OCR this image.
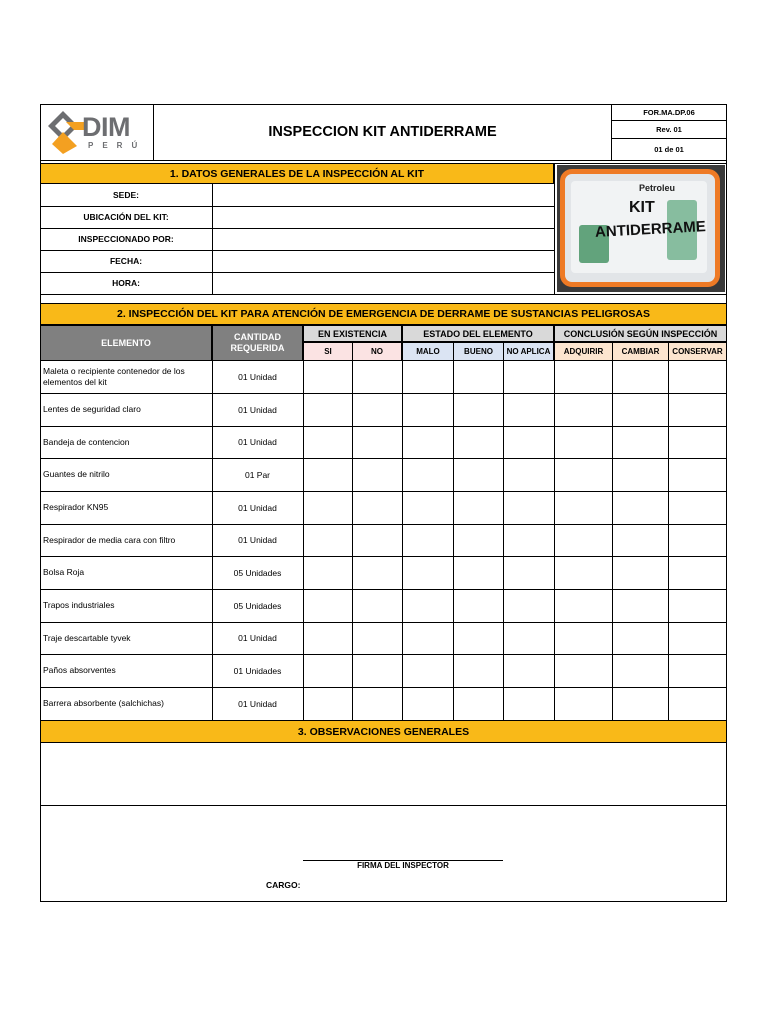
DIM
PERÚ
INSPECCION KIT ANTIDERRAME
FOR.MA.DP.06
Rev. 01
01 de 01
1. DATOS GENERALES DE LA INSPECCIÓN AL KIT
SEDE:
UBICACIÓN DEL KIT:
INSPECCIONADO POR:
FECHA:
HORA:
Petroleu
KIT
ANTIDERRAME
2. INSPECCIÓN DEL KIT PARA ATENCIÓN DE EMERGENCIA DE DERRAME DE SUSTANCIAS PELIGROSAS
ELEMENTO
CANTIDAD REQUERIDA
EN EXISTENCIA	ESTADO DEL ELEMENTO	CONCLUSIÓN SEGÚN INSPECCIÓN
SI	NO	MALO	BUENO	NO APLICA	ADQUIRIR	CAMBIAR	CONSERVAR
Maleta o recipiente contenedor de los elementos del kit	01 Unidad
Lentes de seguridad claro	01 Unidad
Bandeja de contencion	01 Unidad
Guantes de nitrilo	01 Par
Respirador KN95	01 Unidad
Respirador de media cara con filtro	01 Unidad
Bolsa Roja	05 Unidades
Trapos industriales	05 Unidades
Traje descartable tyvek	01 Unidad
Paños absorventes	01 Unidades
Barrera absorbente (salchichas)	01 Unidad
3. OBSERVACIONES GENERALES
FIRMA DEL INSPECTOR
CARGO:
